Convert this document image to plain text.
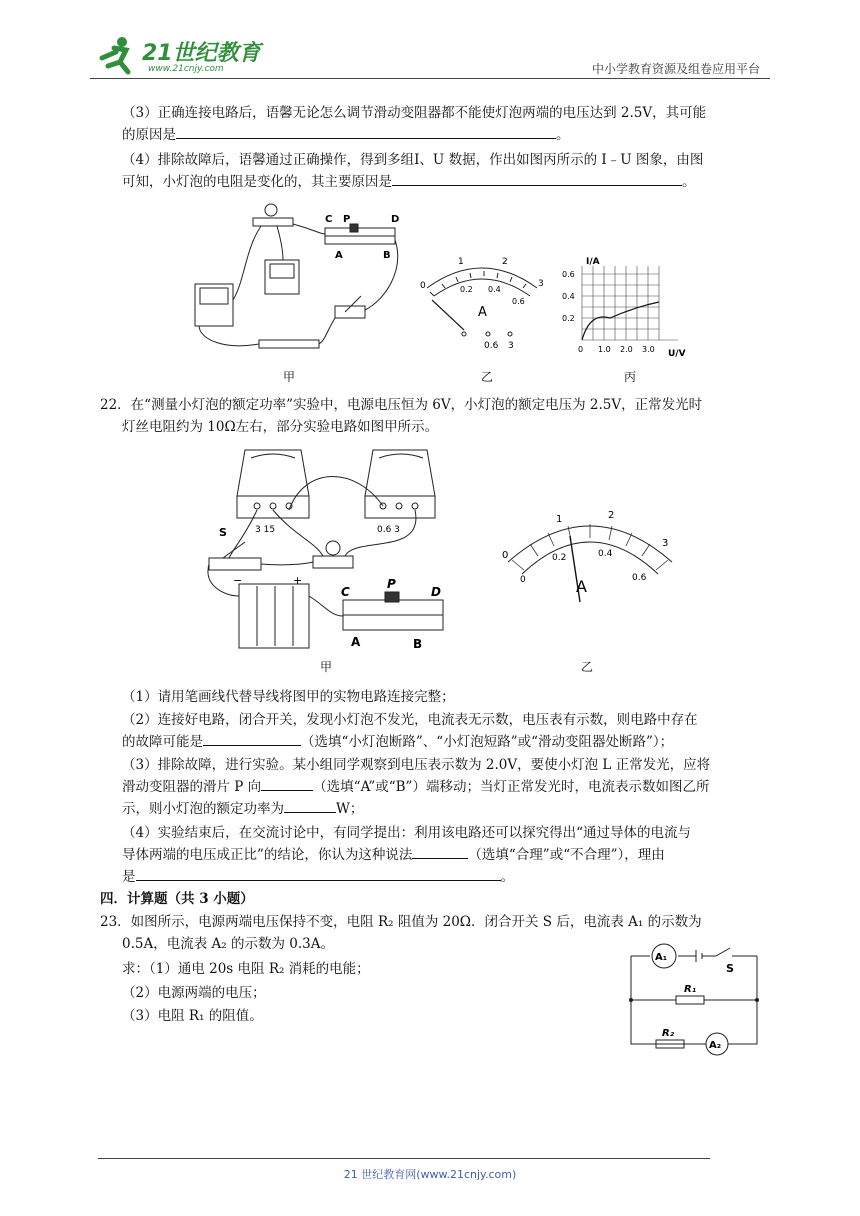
21世纪教育
www.21cnjy.com	中小学教育资源及组卷应用平台
（3）正确连接电路后，语馨无论怎么调节滑动变阻器都不能使灯泡两端的电压达到 2.5V，其可能
的原因是	。
（4）排除故障后，语馨通过正确操作，得到多组I、U 数据，作出如图丙所示的 I﹣U 图象，由图
可知，小灯泡的电阻是变化的，其主要原因是	。
C P	D
A	B
0
1	2
3
0.2 0.4
0.6
A
0.6 3
I/A
U/V
0.6
0.4
0.2
0 1.0 2.0 3.0
甲	乙	丙
22．在“测量小灯泡的额定功率”实验中，电源电压恒为 6V，小灯泡的额定电压为 2.5V，正常发光时
灯丝电阻约为 10Ω左右，部分实验电路如图甲所示。
3 15	0.6 3
S
−	+
C
P
D
A	B
0
1	2
3
0
0.2	0.4
0.6
A
甲	乙
（1）请用笔画线代替导线将图甲的实物电路连接完整；
（2）连接好电路，闭合开关，发现小灯泡不发光，电流表无示数，电压表有示数，则电路中存在
的故障可能是	（选填“小灯泡断路”、“小灯泡短路”或“滑动变阻器处断路”）；
（3）排除故障，进行实验。某小组同学观察到电压表示数为 2.0V，要使小灯泡 L 正常发光，应将
滑动变阻器的滑片 P 向	（选填“A”或“B”）端移动；当灯正常发光时，电流表示数如图乙所
示，则小灯泡的额定功率为	W；
（4）实验结束后，在交流讨论中，有同学提出：利用该电路还可以探究得出“通过导体的电流与
导体两端的电压成正比”的结论，你认为这种说法	（选填“合理”或“不合理”），理由
是	。
四．计算题（共 3 小题）
23．如图所示，电源两端电压保持不变，电阻 R₂ 阻值为 20Ω．闭合开关 S 后，电流表 A₁ 的示数为
0.5A，电流表 A₂ 的示数为 0.3A。
求：（1）通电 20s 电阻 R₂ 消耗的电能；
（2）电源两端的电压；
（3）电阻 R₁ 的阻值。
A₁
A₂
S
R₁
R₂
21 世纪教育网(www.21cnjy.com)
